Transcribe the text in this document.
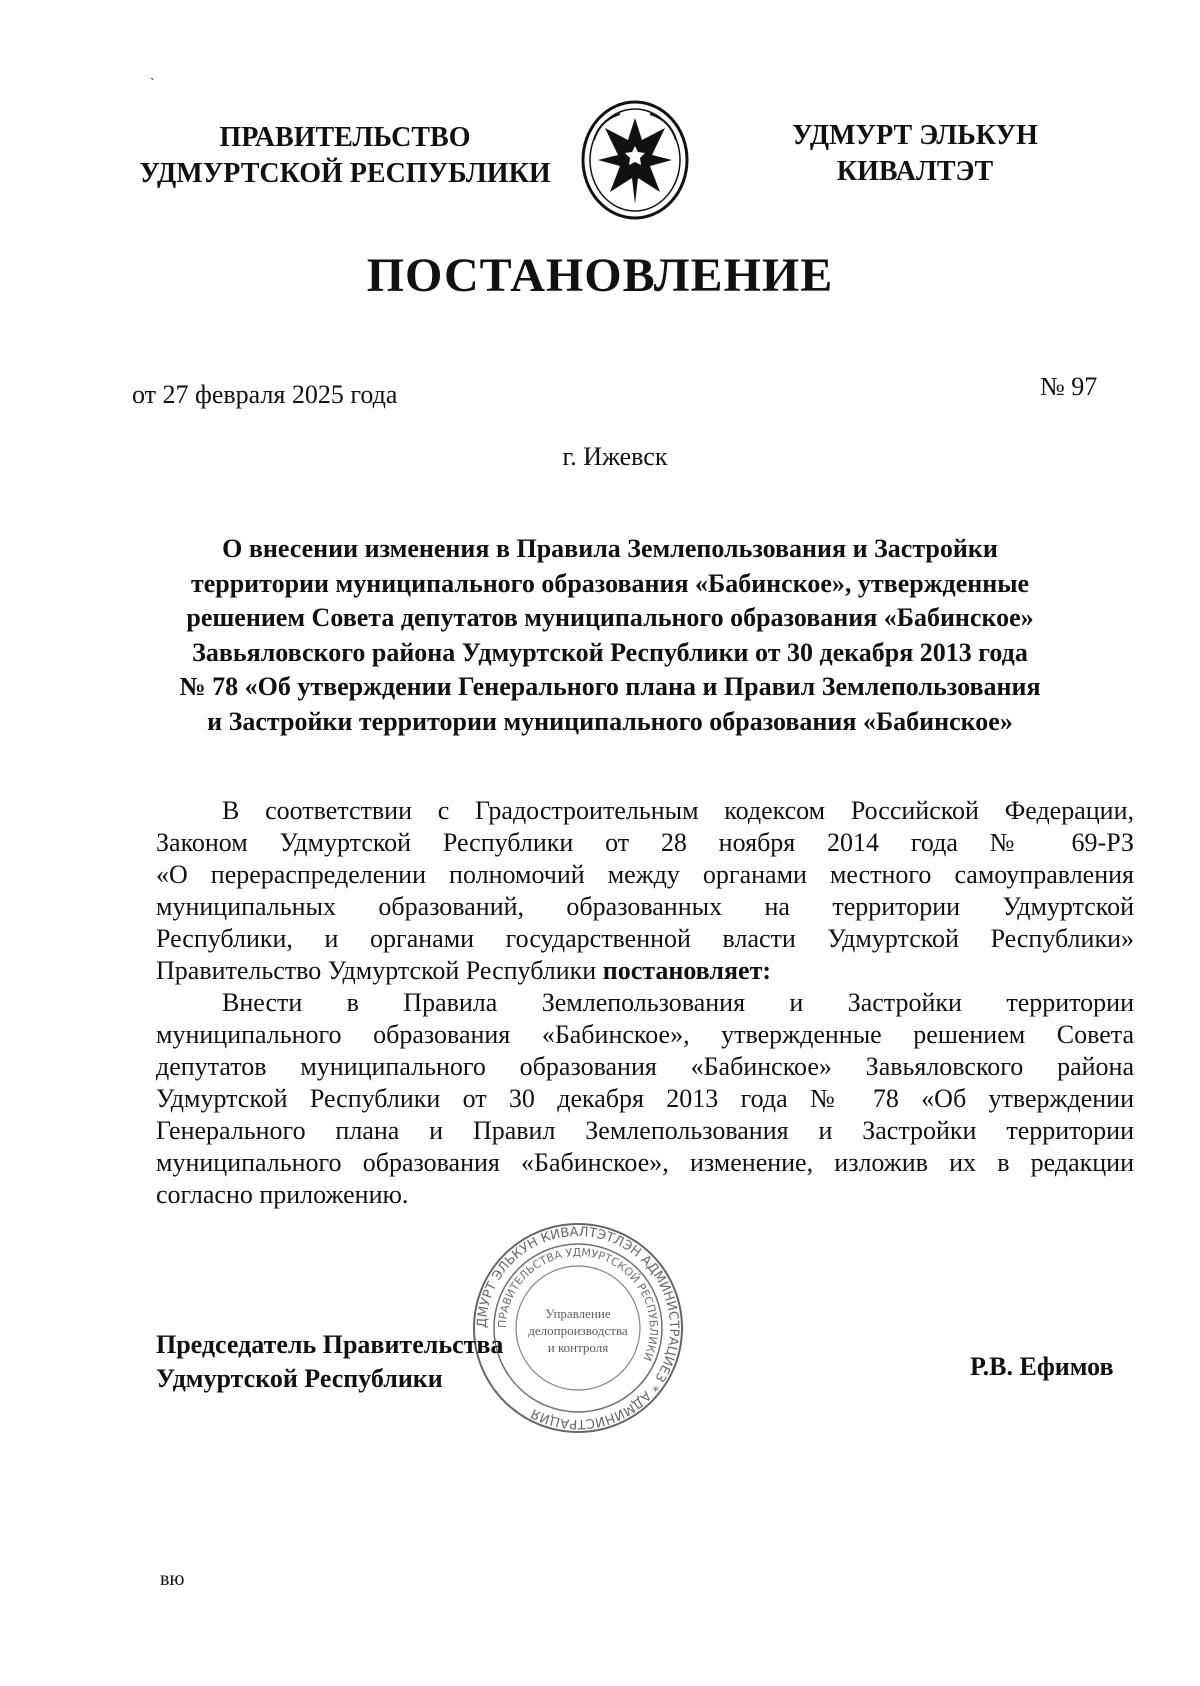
ˎ
ПРАВИТЕЛЬСТВО
УДМУРТСКОЙ РЕСПУБЛИКИ
УДМУРТ ЭЛЬКУН
КИВАЛТЭТ
ПОСТАНОВЛЕНИЕ
от 27 февраля 2025 года	№ 97
г. Ижевск
О внесении изменения в Правила Землепользования и Застройки
территории муниципального образования «Бабинское», утвержденные
решением Совета депутатов муниципального образования «Бабинское»
Завьяловского района Удмуртской Республики от 30 декабря 2013 года
№ 78 «Об утверждении Генерального плана и Правил Землепользования
и Застройки территории муниципального образования «Бабинское»
В соответствии с Градостроительным кодексом Российской Федерации,
Законом Удмуртской Республики от 28 ноября 2014 года № 69-РЗ
«О перераспределении полномочий между органами местного самоуправления
муниципальных образований, образованных на территории Удмуртской
Республики, и органами государственной власти Удмуртской Республики»
Правительство Удмуртской Республики постановляет:
Внести в Правила Землепользования и Застройки территории
муниципального образования «Бабинское», утвержденные решением Совета
депутатов муниципального образования «Бабинское» Завьяловского района
Удмуртской Республики от 30 декабря 2013 года № 78 «Об утверждении
Генерального плана и Правил Землепользования и Застройки территории
муниципального образования «Бабинское», изменение, изложив их в редакции
согласно приложению.
Председатель Правительства
Удмуртской Республики
ДМУРТ ЭЛЬКУН КИВАЛТЭТЛЭН АДМИНИСТРАЦИЕЗ * АДМИНИСТРАЦИЯ
ПРАВИТЕЛЬСТВА УДМУРТСКОЙ РЕСПУБЛИКИ
Управление
делопроизводства
и контроля
Р.В. Ефимов
вю
